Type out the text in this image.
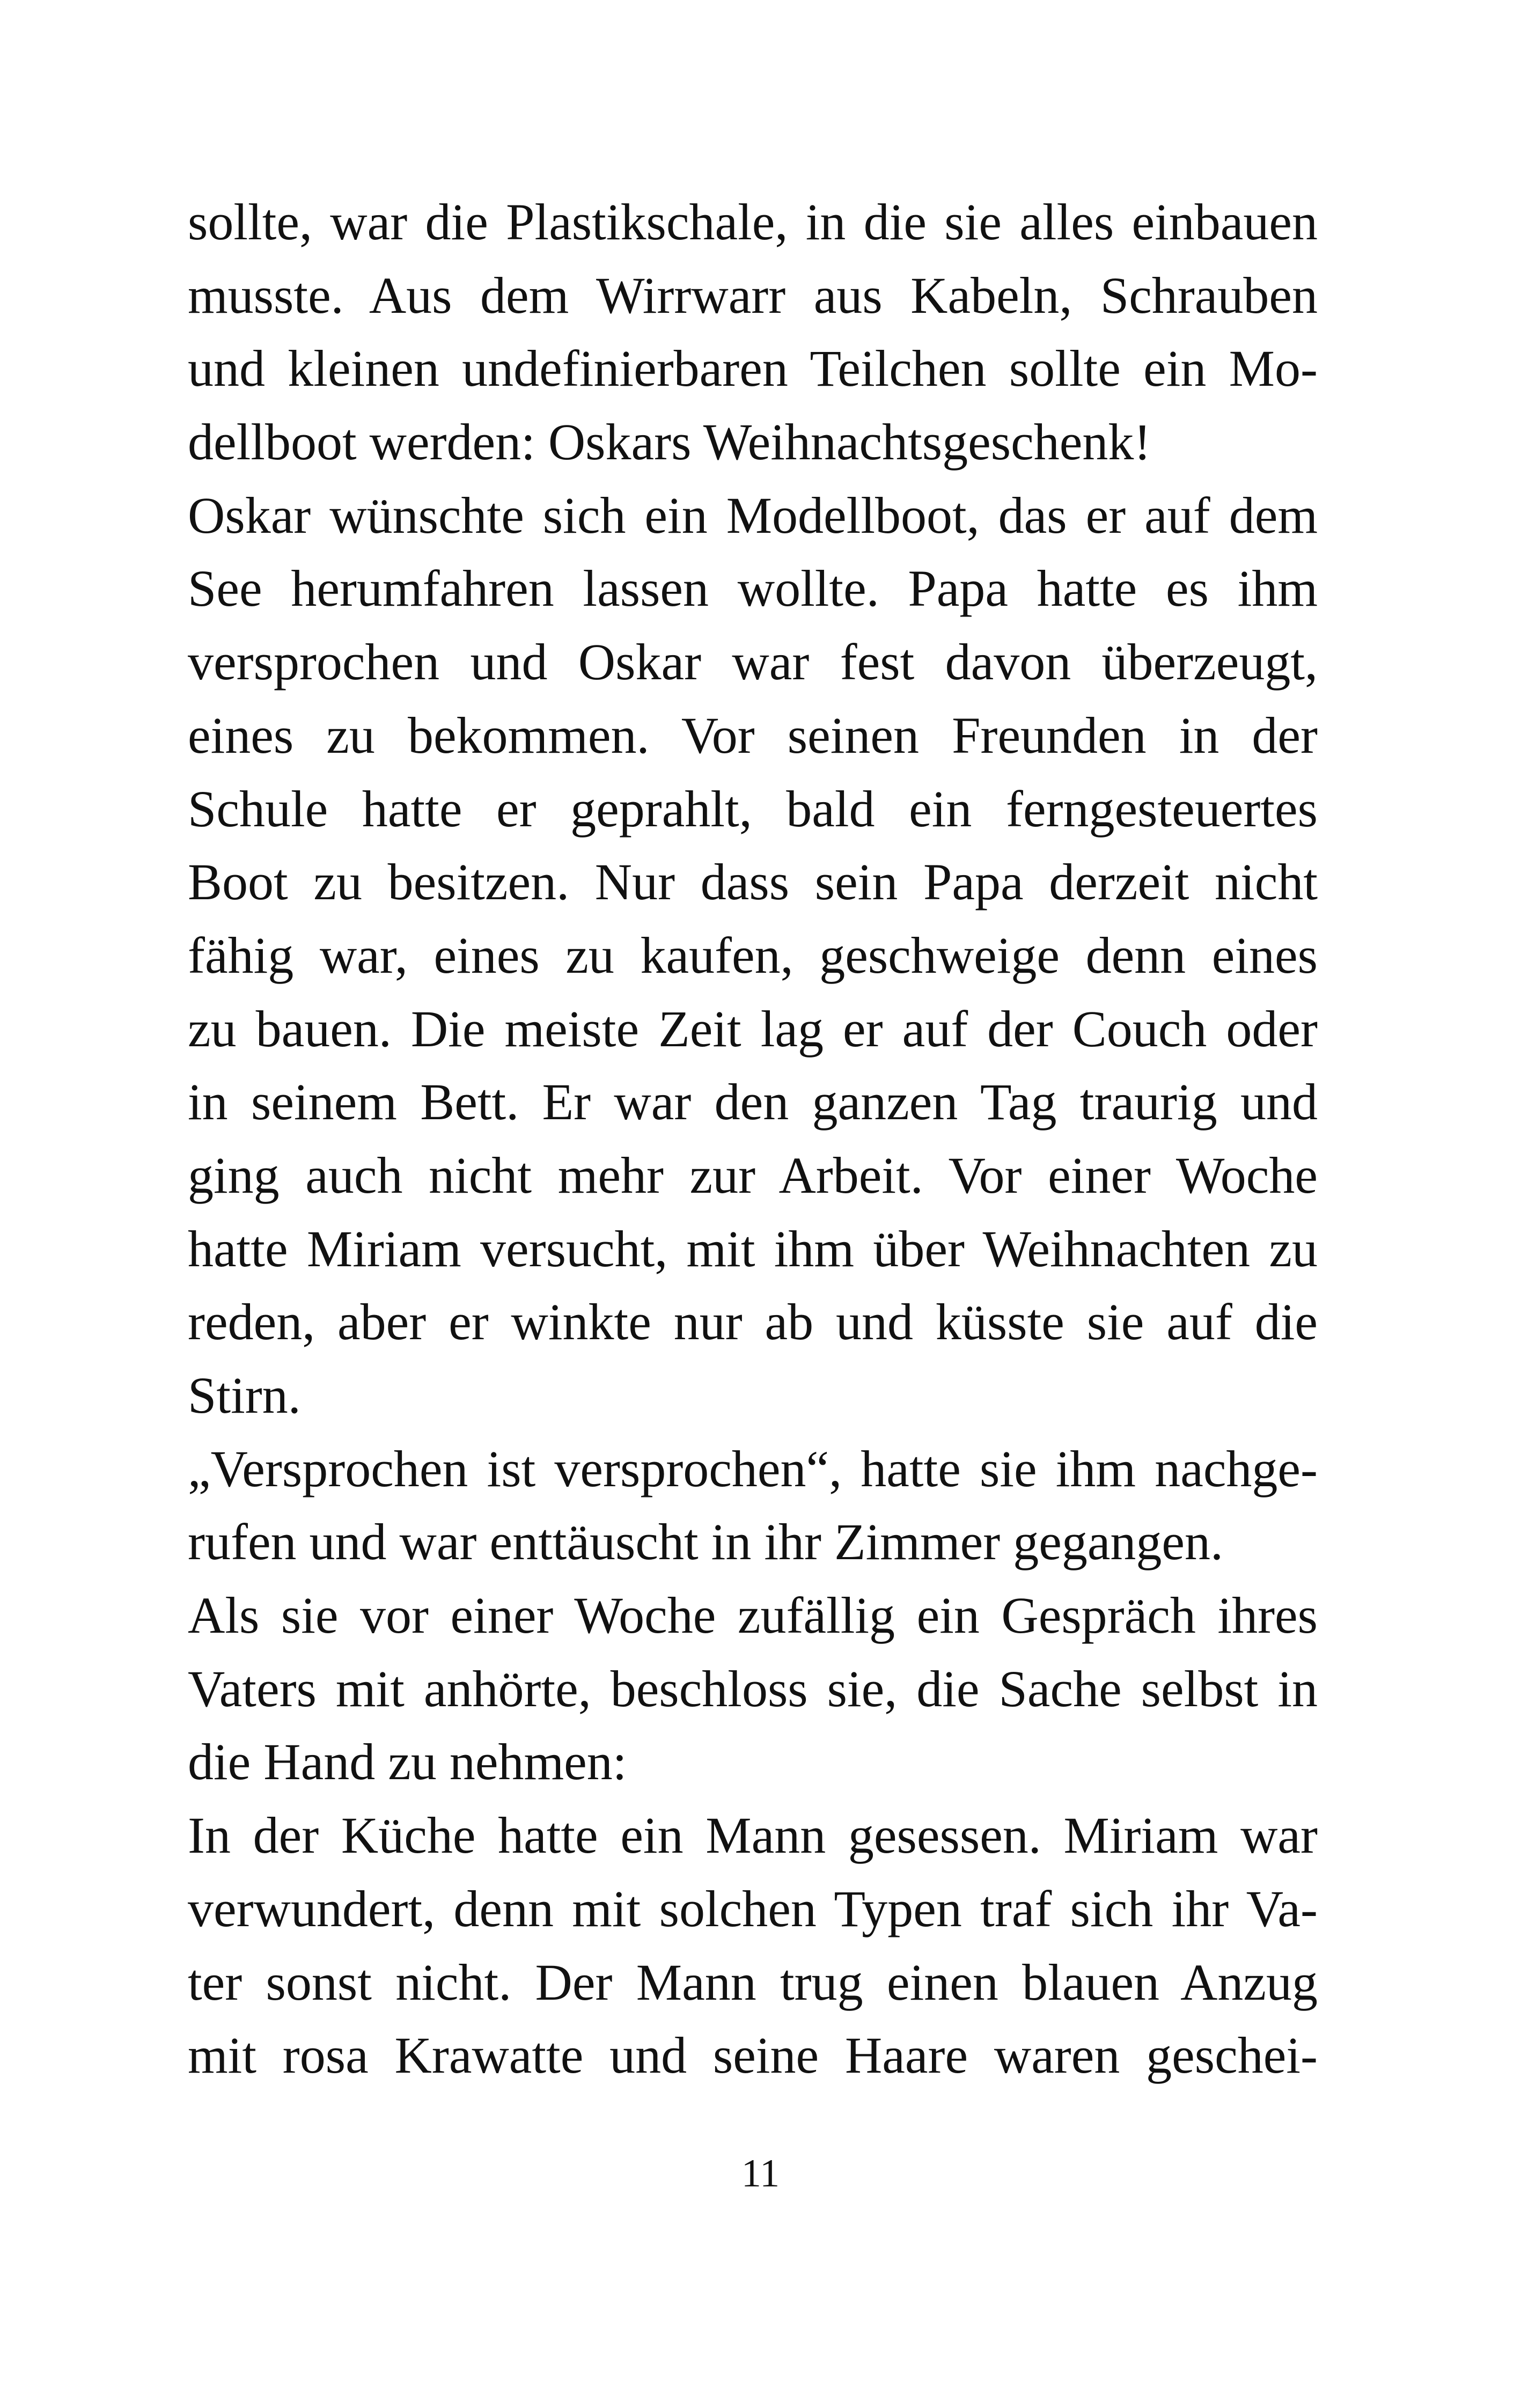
sollte, war die Plastikschale, in die sie alles einbauen
musste. Aus dem Wirrwarr aus Kabeln, Schrauben
und kleinen undefinierbaren Teilchen sollte ein Mo-
dellboot werden: Oskars Weihnachtsgeschenk!
Oskar wünschte sich ein Modellboot, das er auf dem
See herumfahren lassen wollte. Papa hatte es ihm
versprochen und Oskar war fest davon überzeugt,
eines zu bekommen. Vor seinen Freunden in der
Schule hatte er geprahlt, bald ein ferngesteuertes
Boot zu besitzen. Nur dass sein Papa derzeit nicht
fähig war, eines zu kaufen, geschweige denn eines
zu bauen. Die meiste Zeit lag er auf der Couch oder
in seinem Bett. Er war den ganzen Tag traurig und
ging auch nicht mehr zur Arbeit. Vor einer Woche
hatte Miriam versucht, mit ihm über Weihnachten zu
reden, aber er winkte nur ab und küsste sie auf die
Stirn.
„Versprochen ist versprochen“, hatte sie ihm nachge-
rufen und war enttäuscht in ihr Zimmer gegangen.
Als sie vor einer Woche zufällig ein Gespräch ihres
Vaters mit anhörte, beschloss sie, die Sache selbst in
die Hand zu nehmen:
In der Küche hatte ein Mann gesessen. Miriam war
verwundert, denn mit solchen Typen traf sich ihr Va-
ter sonst nicht. Der Mann trug einen blauen Anzug
mit rosa Krawatte und seine Haare waren geschei-
11
